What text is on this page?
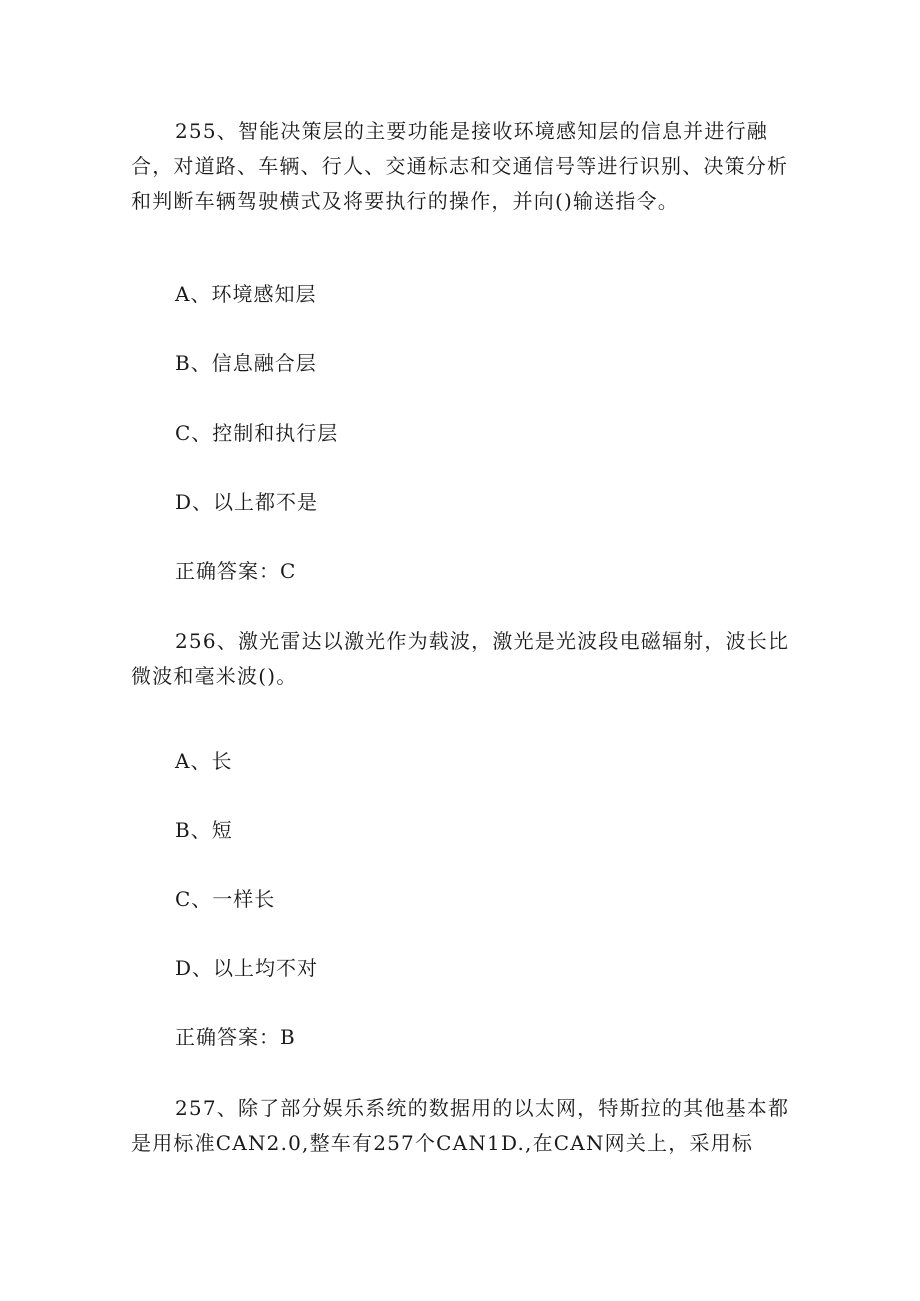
255、智能决策层的主要功能是接收环境感知层的信息并进行融合，对道路、车辆、行人、交通标志和交通信号等进行识别、决策分析和判断车辆驾驶横式及将要执行的操作，并向()输送指令。

A、环境感知层

B、信息融合层

C、控制和执行层

D、以上都不是

正确答案：C

256、激光雷达以激光作为载波，激光是光波段电磁辐射，波长比微波和毫米波()。

A、长

B、短

C、一样长

D、以上均不对

正确答案：B

257、除了部分娱乐系统的数据用的以太网，特斯拉的其他基本都是用标准CAN2.0,整车有257个CAN1D.,在CAN网关上，采用标
